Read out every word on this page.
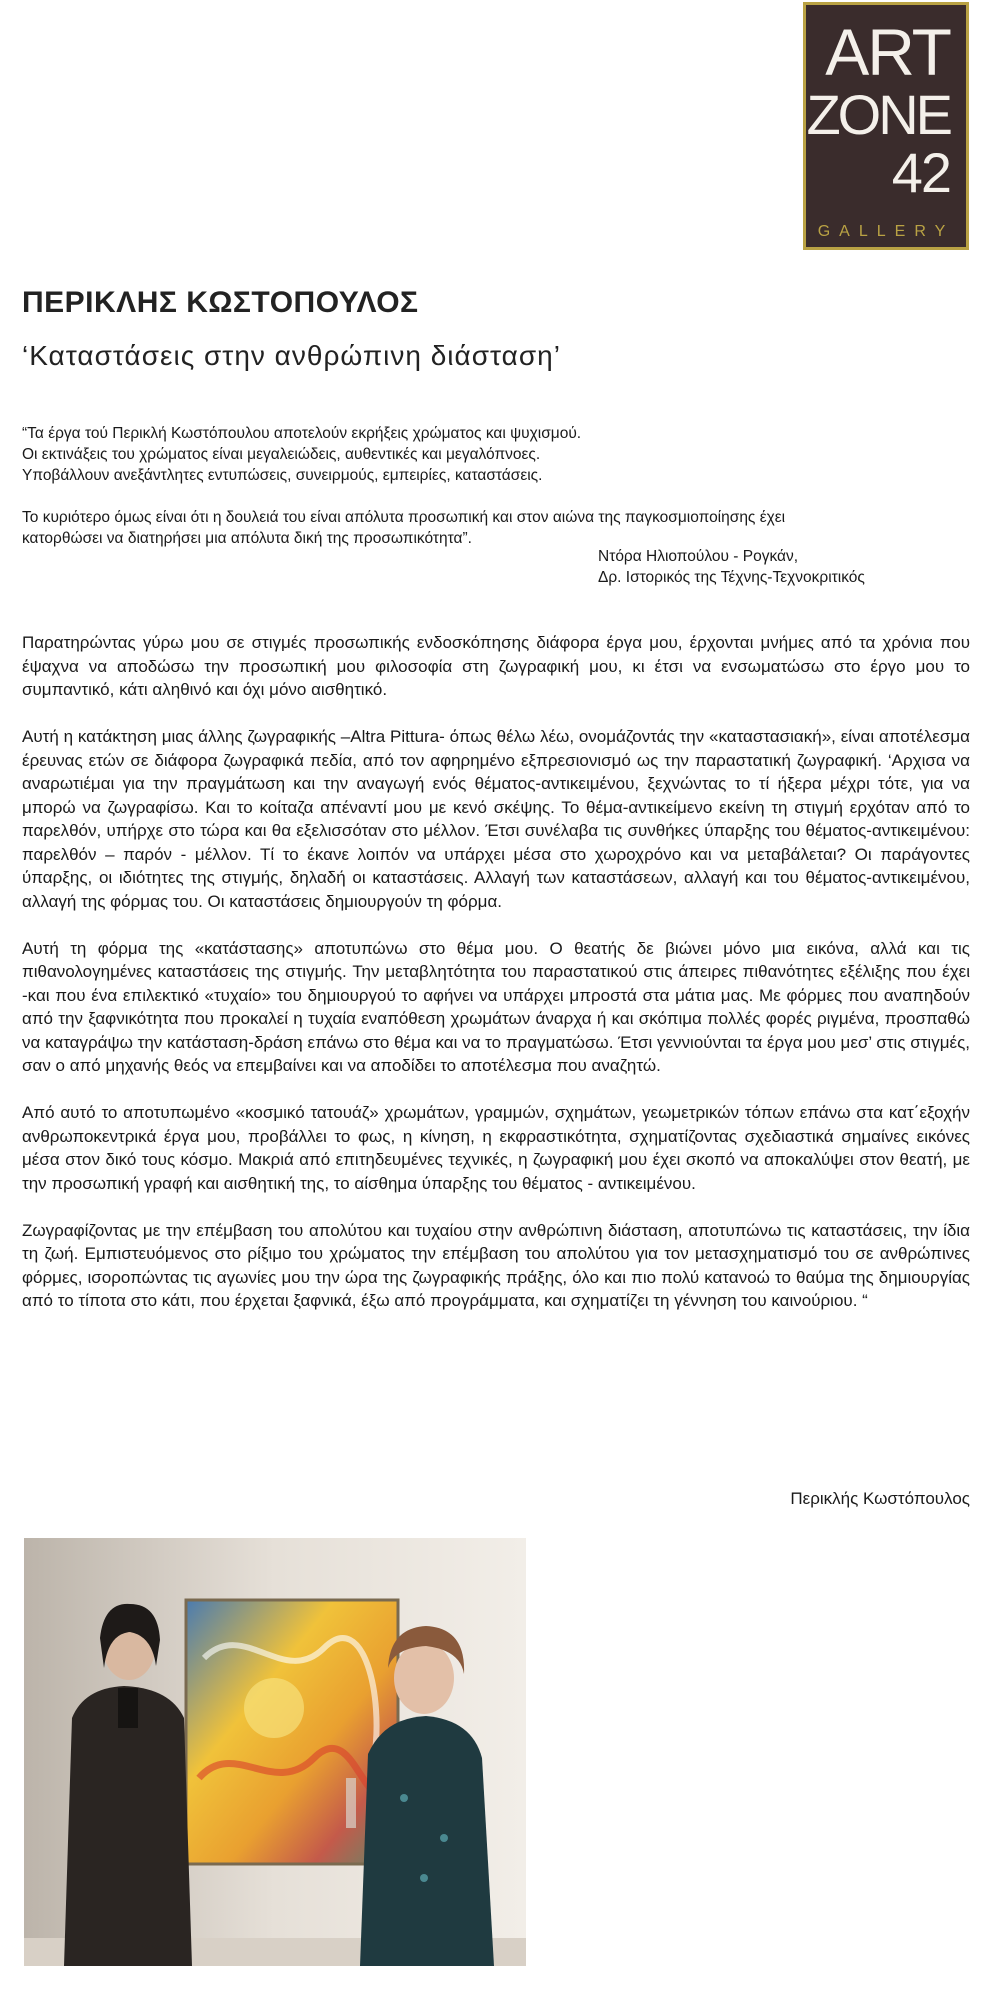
ART
ZONE
42
GALLERY
ΠΕΡΙΚΛΗΣ ΚΩΣΤΟΠΟΥΛΟΣ
‘Καταστάσεις στην ανθρώπινη διάσταση’

“Τα έργα τού Περικλή Κωστόπουλου αποτελούν εκρήξεις χρώματος και ψυχισμού.

Οι εκτινάξεις του χρώματος είναι μεγαλειώδεις, αυθεντικές και μεγαλόπνοες.

Υποβάλλουν ανεξάντλητες εντυπώσεις, συνειρμούς, εμπειρίες, καταστάσεις.

Το κυριότερο όμως είναι ότι η δουλειά του είναι απόλυτα προσωπική και στον αιώνα της παγκοσμιοποίησης έχει

κατορθώσει να διατηρήσει μια απόλυτα δική της προσωπικότητα”.

Ντόρα Ηλιοπούλου - Ρογκάν,
Δρ. Ιστορικός της Τέχνης-Τεχνοκριτικός

Παρατηρώντας γύρω μου σε στιγμές προσωπικής ενδοσκόπησης διάφορα έργα μου, έρχονται μνήμες από τα χρόνια που έψαχνα να αποδώσω την προσωπική μου φιλοσοφία στη ζωγραφική μου, κι έτσι να ενσωματώσω στο έργο μου το συμπαντικό, κάτι αληθινό και όχι μόνο αισθητικό.

Αυτή η κατάκτηση μιας άλλης ζωγραφικής –Altra Pittura- όπως θέλω λέω, ονομάζοντάς την «καταστασιακή», είναι αποτέλεσμα έρευνας ετών σε διάφορα ζωγραφικά πεδία, από τον αφηρημένο εξπρεσιονισμό ως την παραστατική ζωγραφική. ‘Αρχισα να αναρωτιέμαι για την πραγμάτωση και την αναγωγή ενός θέματος-αντικειμένου, ξεχνώντας το τί ήξερα μέχρι τότε, για να μπορώ να ζωγραφίσω. Και το κοίταζα απέναντί μου με κενό σκέψης. Το θέμα-αντικείμενο εκείνη τη στιγμή ερχόταν από το παρελθόν, υπήρχε στο τώρα και θα εξελισσόταν στο μέλλον. Έτσι συνέλαβα τις συνθήκες ύπαρξης του θέματος-αντικειμένου: παρελθόν – παρόν - μέλλον. Τί το έκανε λοιπόν να υπάρχει μέσα στο χωροχρόνο και να μεταβάλεται? Οι παράγοντες ύπαρξης, οι ιδιότητες της στιγμής, δηλαδή οι καταστάσεις. Αλλαγή των καταστάσεων, αλλαγή και του θέματος-αντικειμένου, αλλαγή της φόρμας του. Οι καταστάσεις δημιουργούν τη φόρμα.

Αυτή τη φόρμα της «κατάστασης» αποτυπώνω στο θέμα μου. Ο θεατής δε βιώνει μόνο μια εικόνα, αλλά και τις πιθανολογημένες καταστάσεις της στιγμής. Την μεταβλητότητα του παραστατικού στις άπειρες πιθανότητες εξέλιξης που έχει -και που ένα επιλεκτικό «τυχαίο» του δημιουργού το αφήνει να υπάρχει μπροστά στα μάτια μας. Με φόρμες που αναπηδούν από την ξαφνικότητα που προκαλεί η τυχαία εναπόθεση χρωμάτων άναρχα ή και σκόπιμα πολλές φορές ριγμένα, προσπαθώ να καταγράψω την κατάσταση-δράση επάνω στο θέμα και να το πραγματώσω. Έτσι γεννιούνται τα έργα μου μεσ’ στις στιγμές, σαν ο από μηχανής θεός να επεμβαίνει και να αποδίδει το αποτέλεσμα που αναζητώ.

Από αυτό το αποτυπωμένο «κοσμικό τατουάζ» χρωμάτων, γραμμών, σχημάτων, γεωμετρικών τόπων επάνω στα κατ΄εξοχήν ανθρωποκεντρικά έργα μου, προβάλλει το φως, η κίνηση, η εκφραστικότητα, σχηματίζοντας σχεδιαστικά σημαίνες εικόνες μέσα στον δικό τους κόσμο. Μακριά από επιτηδευμένες τεχνικές, η ζωγραφική μου έχει σκοπό να αποκαλύψει στον θεατή, με την προσωπική γραφή και αισθητική της, το αίσθημα ύπαρξης του θέματος - αντικειμένου.

Ζωγραφίζοντας με την επέμβαση του απολύτου και τυχαίου στην ανθρώπινη διάσταση, αποτυπώνω τις καταστάσεις, την ίδια τη ζωή. Εμπιστευόμενος στο ρίξιμο του χρώματος την επέμβαση του απολύτου για τον μετασχηματισμό του σε ανθρώπινες φόρμες, ισοροπώντας τις αγωνίες μου την ώρα της ζωγραφικής πράξης, όλο και πιο πολύ κατανοώ το θαύμα της δημιουργίας από το τίποτα στο κάτι, που έρχεται ξαφνικά, έξω από προγράμματα, και σχηματίζει τη γέννηση του καινούριου. “

Περικλής Κωστόπουλος
